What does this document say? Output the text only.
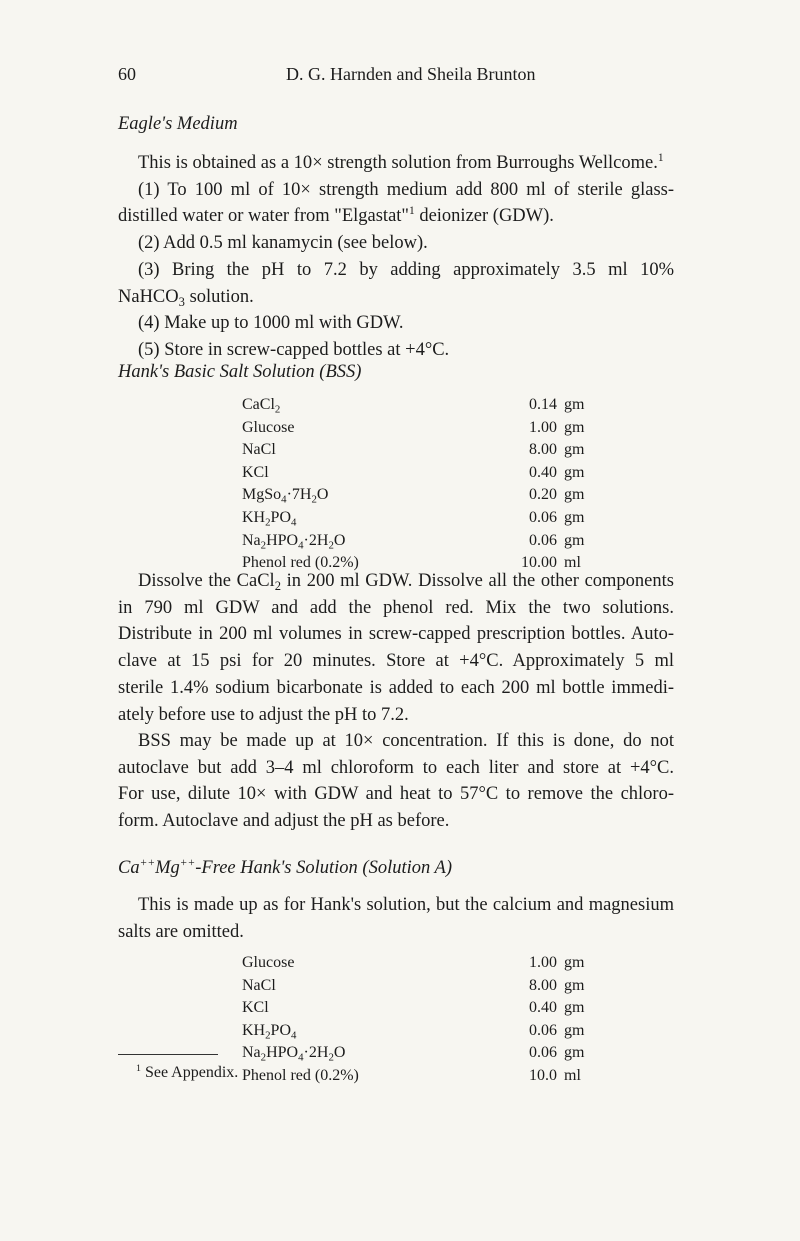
60	D. G. Harnden and Sheila Brunton
Eagle's Medium
This is obtained as a 10× strength solution from Burroughs Wellcome.$^1$
(1) To 100 ml of 10× strength medium add 800 ml of sterile glass-
distilled water or water from "Elgastat"$^1$ deionizer (GDW).
(2) Add 0.5 ml kanamycin (see below).
(3) Bring the pH to 7.2 by adding approximately 3.5 ml 10%
NaHCO$_3$ solution.
(4) Make up to 1000 ml with GDW.
(5) Store in screw-capped bottles at +4°C.
Hank's Basic Salt Solution (BSS)
CaCl$_2$	0.14	gm
Glucose	1.00	gm
NaCl	8.00	gm
KCl	0.40	gm
$MgSo_4\cdot 7H_2O$	0.20	gm
$KH_2PO_4$	0.06	gm
$Na_2HPO_4\cdot 2H_2O$	0.06	gm
Phenol red (0.2%)	10.00	ml
Dissolve the CaCl$_2$ in 200 ml GDW. Dissolve all the other components
in 790 ml GDW and add the phenol red. Mix the two solutions.
Distribute in 200 ml volumes in screw-capped prescription bottles. Auto-
clave at 15 psi for 20 minutes. Store at +4°C. Approximately 5 ml
sterile 1.4% sodium bicarbonate is added to each 200 ml bottle immedi-
ately before use to adjust the pH to 7.2.
BSS may be made up at 10× concentration. If this is done, do not
autoclave but add 3–4 ml chloroform to each liter and store at +4°C.
For use, dilute 10× with GDW and heat to 57°C to remove the chloro-
form. Autoclave and adjust the pH as before.
Ca++Mg++-Free Hank's Solution (Solution A)
This is made up as for Hank's solution, but the calcium and magnesium
salts are omitted.
Glucose	1.00	gm
NaCl	8.00	gm
KCl	0.40	gm
$KH_2PO_4$	0.06	gm
$Na_2HPO_4\cdot 2H_2O$	0.06	gm
Phenol red (0.2%)	10.0	ml
$^1$ See Appendix.
